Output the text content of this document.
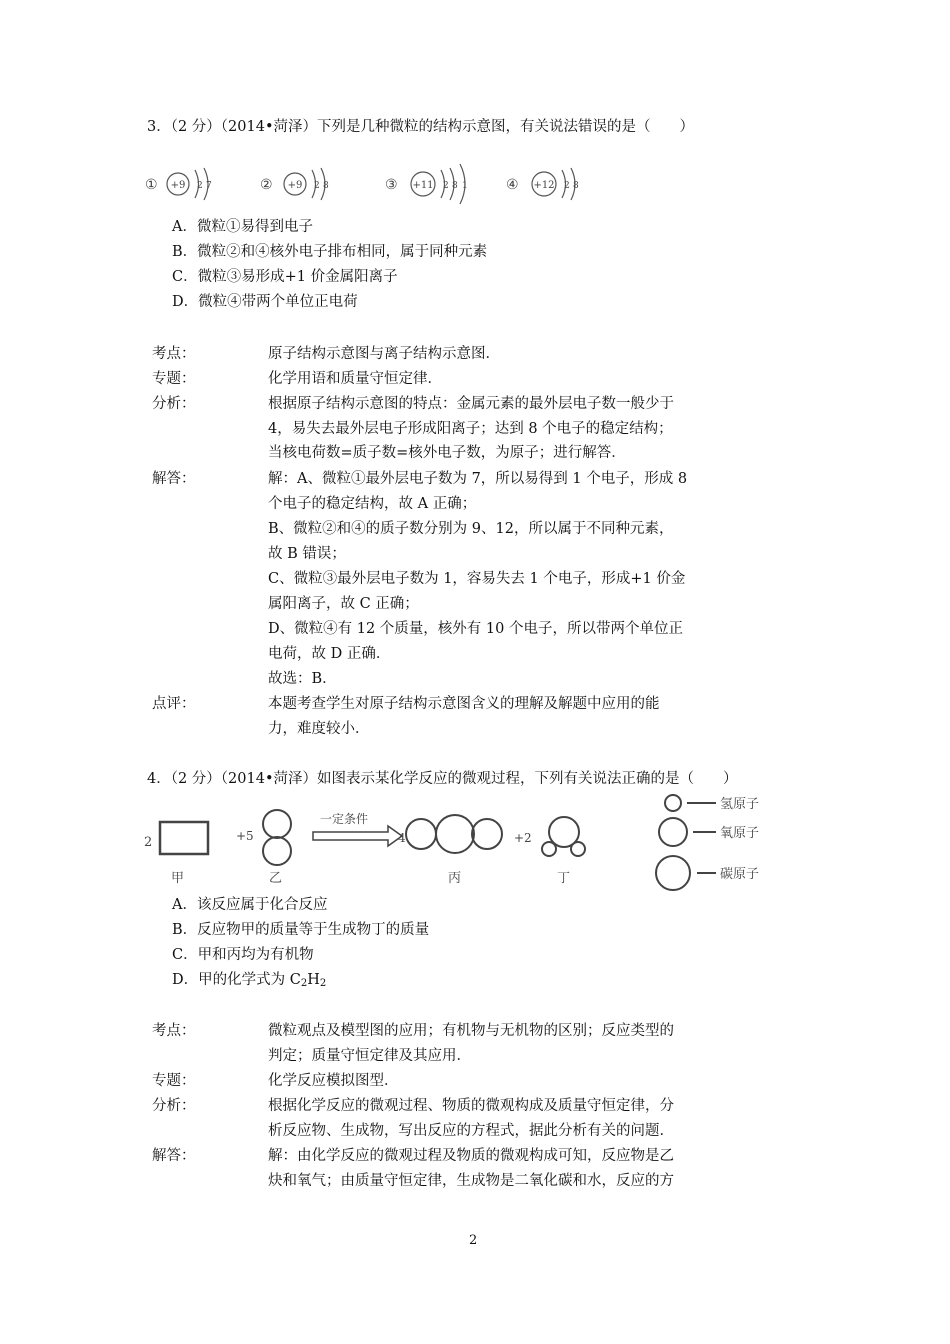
3．（2 分）（2014•菏泽）下列是几种微粒的结构示意图，有关说法错误的是（　　）
① +9 2 7	② +9 2 8	③ +11 2 8 1	④ +12 2 8
A．微粒①易得到电子
B．微粒②和④核外电子排布相同，属于同种元素
C．微粒③易形成+1 价金属阳离子
D．微粒④带两个单位正电荷
考点：	原子结构示意图与离子结构示意图．
专题：	化学用语和质量守恒定律．
分析：	根据原子结构示意图的特点：金属元素的最外层电子数一般少于
4，易失去最外层电子形成阳离子；达到 8 个电子的稳定结构；
当核电荷数=质子数=核外电子数，为原子；进行解答．
解答：	解：A、微粒①最外层电子数为 7，所以易得到 1 个电子，形成 8
个电子的稳定结构，故 A 正确；
B、微粒②和④的质子数分别为 9、12，所以属于不同种元素，
故 B 错误；
C、微粒③最外层电子数为 1，容易失去 1 个电子，形成+1 价金
属阳离子，故 C 正确；
D、微粒④有 12 个质量，核外有 10 个电子，所以带两个单位正
电荷，故 D 正确．
故选：B．
点评：	本题考查学生对原子结构示意图含义的理解及解题中应用的能
力，难度较小．
4．（2 分）（2014•菏泽）如图表示某化学反应的微观过程，下列有关说法正确的是（　　）
2	+5
一定条件
4	+2
氢原子
氧原子
碳原子
甲	乙	丙	丁
A．该反应属于化合反应
B．反应物甲的质量等于生成物丁的质量
C．甲和丙均为有机物
D．甲的化学式为 $C_2H_2$
考点：	微粒观点及模型图的应用；有机物与无机物的区别；反应类型的
判定；质量守恒定律及其应用．
专题：	化学反应模拟图型．
分析：	根据化学反应的微观过程、物质的微观构成及质量守恒定律，分
析反应物、生成物，写出反应的方程式，据此分析有关的问题．
解答：	解：由化学反应的微观过程及物质的微观构成可知，反应物是乙
炔和氧气；由质量守恒定律，生成物是二氧化碳和水，反应的方
2
